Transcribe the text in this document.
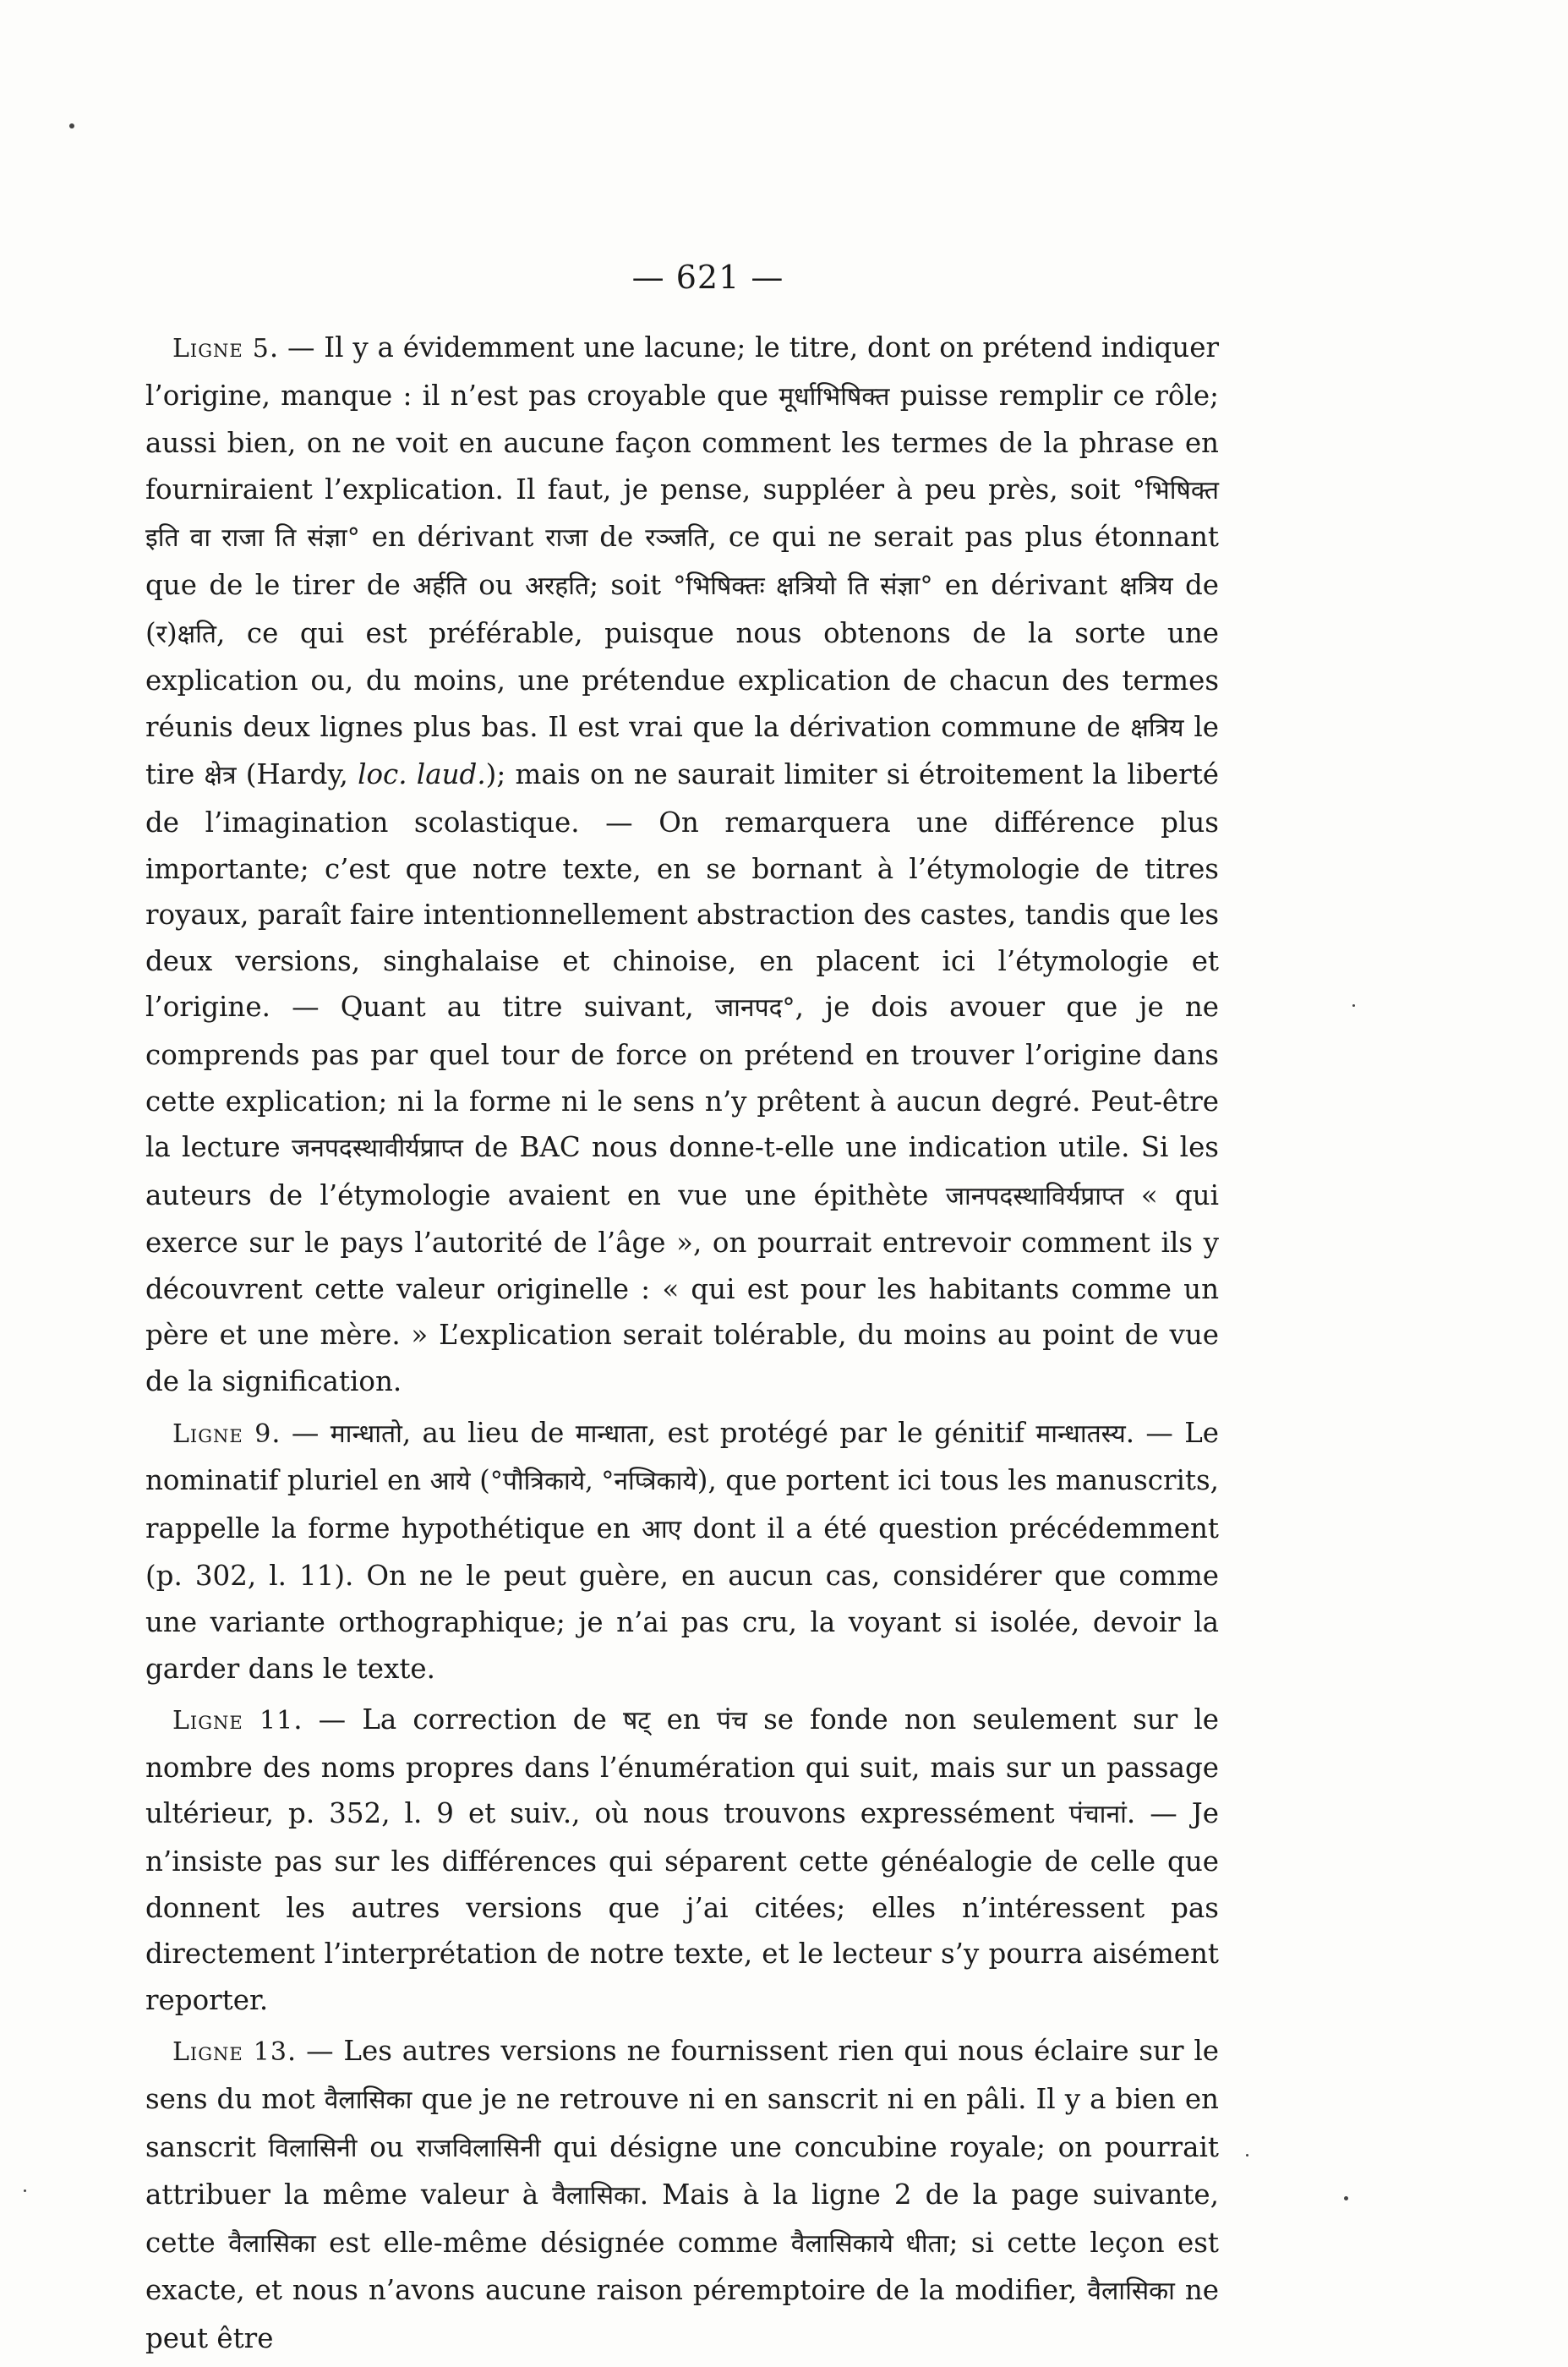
— 621 —

Ligne 5. — Il y a évidemment une lacune; le titre, dont on prétend indiquer l’origine, manque : il n’est pas croyable que मूर्धाभिषिक्त puisse remplir ce rôle; aussi bien, on ne voit en aucune façon comment les termes de la phrase en fourniraient l’explication. Il faut, je pense, suppléer à peu près, soit °भिषिक्त इति वा राजा ति संज्ञा° en dérivant राजा de रञ्जति, ce qui ne serait pas plus étonnant que de le tirer de अर्हति ou अरहति; soit °भिषिक्तः क्षत्रियो ति संज्ञा° en dérivant क्षत्रिय de (र)क्षति, ce qui est préférable, puisque nous obtenons de la sorte une explication ou, du moins, une prétendue explication de chacun des termes réunis deux lignes plus bas. Il est vrai que la dérivation commune de क्षत्रिय le tire क्षेत्र (Hardy, loc. laud.); mais on ne saurait limiter si étroitement la liberté de l’imagination scolastique. — On remarquera une différence plus importante; c’est que notre texte, en se bornant à l’étymologie de titres royaux, paraît faire intentionnellement abstraction des castes, tandis que les deux versions, singhalaise et chinoise, en placent ici l’étymologie et l’origine. — Quant au titre suivant, जानपद°, je dois avouer que je ne comprends pas par quel tour de force on prétend en trouver l’origine dans cette explication; ni la forme ni le sens n’y prêtent à aucun degré. Peut-être la lecture जनपदस्थावीर्यप्राप्त de BAC nous donne-t-elle une indication utile. Si les auteurs de l’étymologie avaient en vue une épithète जानपदस्थाविर्यप्राप्त « qui exerce sur le pays l’autorité de l’âge », on pourrait entrevoir comment ils y découvrent cette valeur originelle : « qui est pour les habitants comme un père et une mère. » L’explication serait tolérable, du moins au point de vue de la signification.

Ligne 9. — मान्धातो, au lieu de मान्धाता, est protégé par le génitif मान्धातस्य. — Le nominatif pluriel en आये (°पौत्रिकाये, °नप्त्रिकाये), que portent ici tous les manuscrits, rappelle la forme hypothétique en आए dont il a été question précédemment (p. 302, l. 11). On ne le peut guère, en aucun cas, considérer que comme une variante orthographique; je n’ai pas cru, la voyant si isolée, devoir la garder dans le texte.

Ligne 11. — La correction de षट् en पंच se fonde non seulement sur le nombre des noms propres dans l’énumération qui suit, mais sur un passage ultérieur, p. 352, l. 9 et suiv., où nous trouvons expressément पंचानां. — Je n’insiste pas sur les différences qui séparent cette généalogie de celle que donnent les autres versions que j’ai citées; elles n’intéressent pas directement l’interprétation de notre texte, et le lecteur s’y pourra aisément reporter.

Ligne 13. — Les autres versions ne fournissent rien qui nous éclaire sur le sens du mot वैलासिका que je ne retrouve ni en sanscrit ni en pâli. Il y a bien en sanscrit विलासिनी ou राजविलासिनी qui désigne une concubine royale; on pourrait attribuer la même valeur à वैलासिका. Mais à la ligne 2 de la page suivante, cette वैलासिका est elle-même désignée comme वैलासिकाये धीता; si cette leçon est exacte, et nous n’avons aucune raison péremptoire de la modifier, वैलासिका ne peut être
